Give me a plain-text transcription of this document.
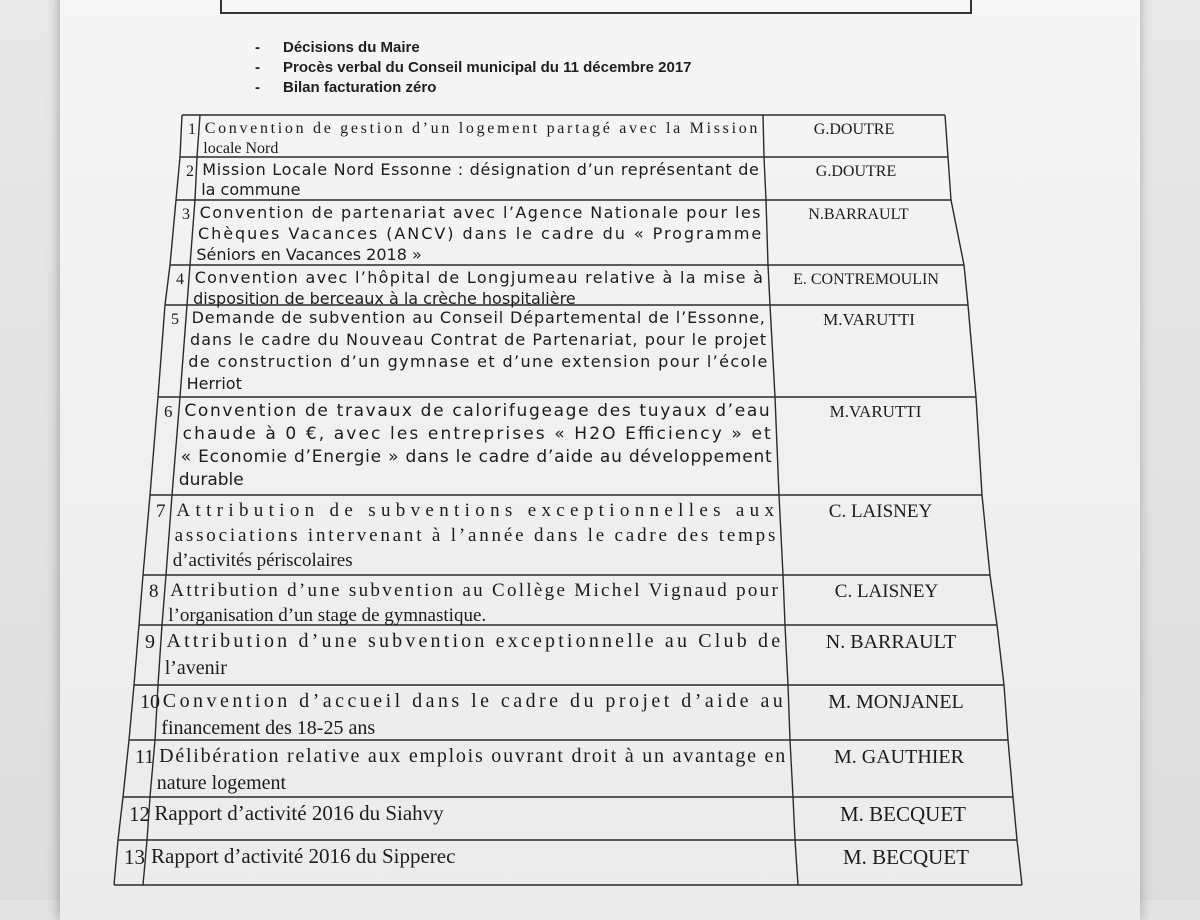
- Décisions du Maire
- Procès verbal du Conseil municipal du 11 décembre 2017
- Bilan facturation zéro
1 Convention de gestion d’un logement partagé avec la Mission
locale Nord
G.DOUTRE
2 Mission Locale Nord Essonne : désignation d’un représentant de
la commune
G.DOUTRE
3 Convention de partenariat avec l’Agence Nationale pour les
Chèques Vacances (ANCV) dans le cadre du « Programme
Séniors en Vacances 2018 »
N.BARRAULT
4 Convention avec l’hôpital de Longjumeau relative à la mise à
disposition de berceaux à la crèche hospitalière
E. CONTREMOULIN
5 Demande de subvention au Conseil Départemental de l’Essonne,
dans le cadre du Nouveau Contrat de Partenariat, pour le projet
de construction d’un gymnase et d’une extension pour l’école
Herriot
M.VARUTTI
6 Convention de travaux de calorifugeage des tuyaux d’eau
chaude à 0 €, avec les entreprises « H2O Efficiency » et
« Economie d’Energie » dans le cadre d’aide au développement
durable
M.VARUTTI
7 Attribution de subventions exceptionnelles aux
associations intervenant à l’année dans le cadre des temps
d’activités périscolaires
C. LAISNEY
8 Attribution d’une subvention au Collège Michel Vignaud pour
l’organisation d’un stage de gymnastique.
C. LAISNEY
9 Attribution d’une subvention exceptionnelle au Club de
l’avenir
N. BARRAULT
10 Convention d’accueil dans le cadre du projet d’aide au
financement des 18-25 ans
M. MONJANEL
11 Délibération relative aux emplois ouvrant droit à un avantage en
nature logement
M. GAUTHIER
12 Rapport d’activité 2016 du Siahvy	M. BECQUET
13 Rapport d’activité 2016 du Sipperec	M. BECQUET
